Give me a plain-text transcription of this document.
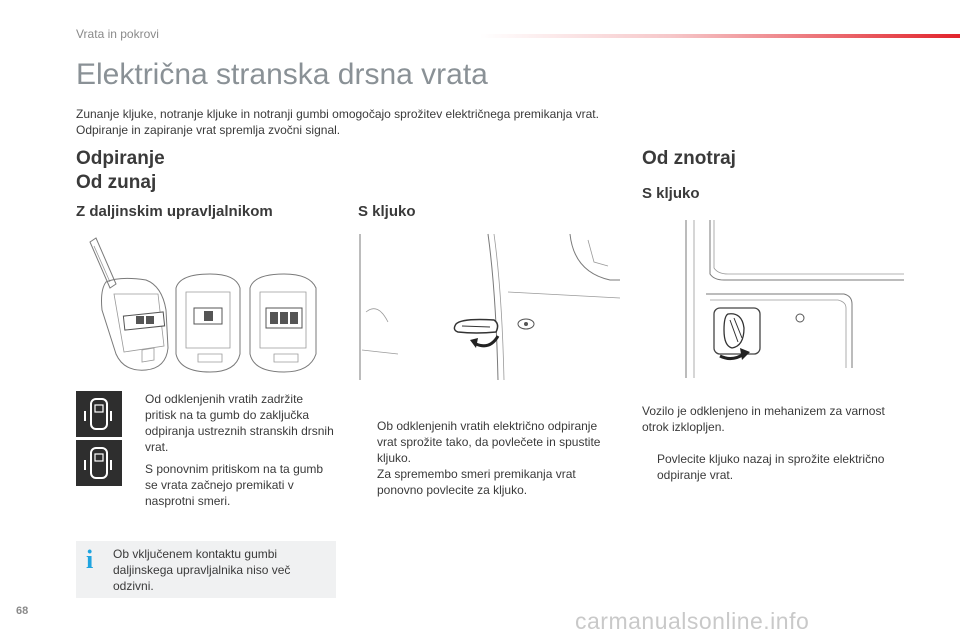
Vrata in pokrovi
Električna stranska drsna vrata
Zunanje kljuke, notranje kljuke in notranji gumbi omogočajo sprožitev električnega premikanja vrat.
Odpiranje in zapiranje vrat spremlja zvočni signal.
Odpiranje
Od zunaj
Z daljinskim upravljalnikom
Od odklenjenih vratih zadržite pritisk na ta gumb do zaključka odpiranja ustreznih stranskih drsnih vrat.
S ponovnim pritiskom na ta gumb se vrata začnejo premikati v nasprotni smeri.
i Ob vključenem kontaktu gumbi daljinskega upravljalnika niso več odzivni.
S kljuko
Ob odklenjenih vratih električno odpiranje vrat sprožite tako, da povlečete in spustite kljuko.
Za spremembo smeri premikanja vrat ponovno povlecite za kljuko.
Od znotraj
S kljuko
Vozilo je odklenjeno in mehanizem za varnost otrok izklopljen.
Povlecite kljuko nazaj in sprožite električno odpiranje vrat.
68	carmanualsonline.info
